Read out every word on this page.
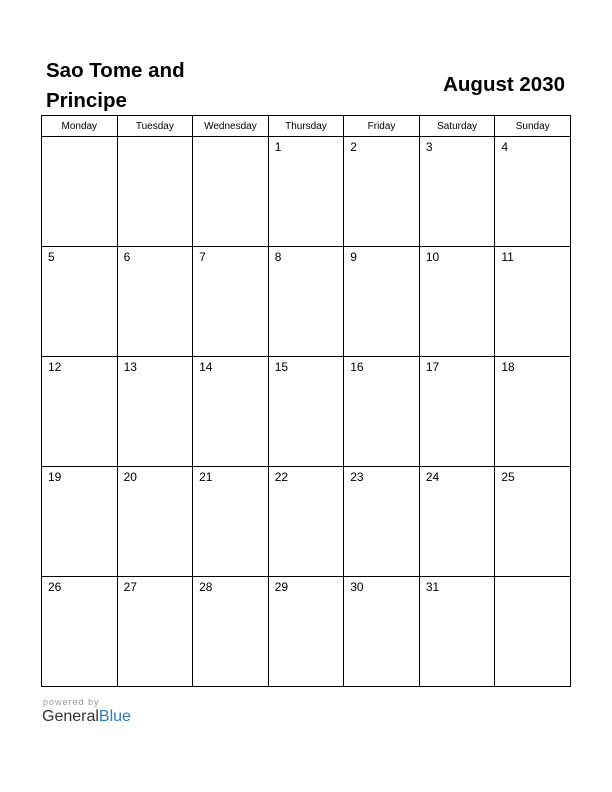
Sao Tome and Principe
August 2030
Monday	Tuesday	Wednesday	Thursday	Friday	Saturday	Sunday

			1	2	3	4

5	6	7	8	9	10	11

12	13	14	15	16	17	18

19	20	21	22	23	24	25

26	27	28	29	30	31	

powered by

GeneralBlue
